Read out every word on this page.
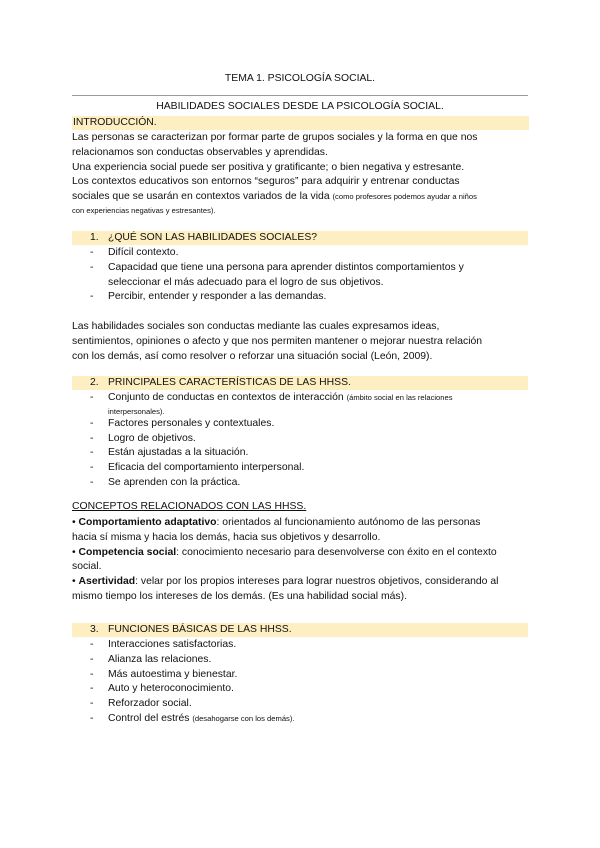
TEMA 1. PSICOLOGÍA SOCIAL.
HABILIDADES SOCIALES DESDE LA PSICOLOGÍA SOCIAL.
INTRODUCCIÓN.
Las personas se caracterizan por formar parte de grupos sociales y la forma en que nos
relacionamos son conductas observables y aprendidas.
Una experiencia social puede ser positiva y gratificante; o bien negativa y estresante.
Los contextos educativos son entornos “seguros” para adquirir y entrenar conductas
sociales que se usarán en contextos variados de la vida (como profesores podemos ayudar a niños
con experiencias negativas y estresantes).
1. ¿QUÉ SON LAS HABILIDADES SOCIALES?
- Difícil contexto.
- Capacidad que tiene una persona para aprender distintos comportamientos y
seleccionar el más adecuado para el logro de sus objetivos.
- Percibir, entender y responder a las demandas.
Las habilidades sociales son conductas mediante las cuales expresamos ideas,
sentimientos, opiniones o afecto y que nos permiten mantener o mejorar nuestra relación
con los demás, así como resolver o reforzar una situación social (León, 2009).
2. PRINCIPALES CARACTERÍSTICAS DE LAS HHSS.
- Conjunto de conductas en contextos de interacción (ámbito social en las relaciones
interpersonales).
- Factores personales y contextuales.
- Logro de objetivos.
- Están ajustadas a la situación.
- Eficacia del comportamiento interpersonal.
- Se aprenden con la práctica.
CONCEPTOS RELACIONADOS CON LAS HHSS.
• Comportamiento adaptativo: orientados al funcionamiento autónomo de las personas
hacia sí misma y hacia los demás, hacia sus objetivos y desarrollo.
• Competencia social: conocimiento necesario para desenvolverse con éxito en el contexto
social.
• Asertividad: velar por los propios intereses para lograr nuestros objetivos, considerando al
mismo tiempo los intereses de los demás. (Es una habilidad social más).
3. FUNCIONES BÁSICAS DE LAS HHSS.
- Interacciones satisfactorias.
- Alianza las relaciones.
- Más autoestima y bienestar.
- Auto y heteroconocimiento.
- Reforzador social.
- Control del estrés (desahogarse con los demás).
